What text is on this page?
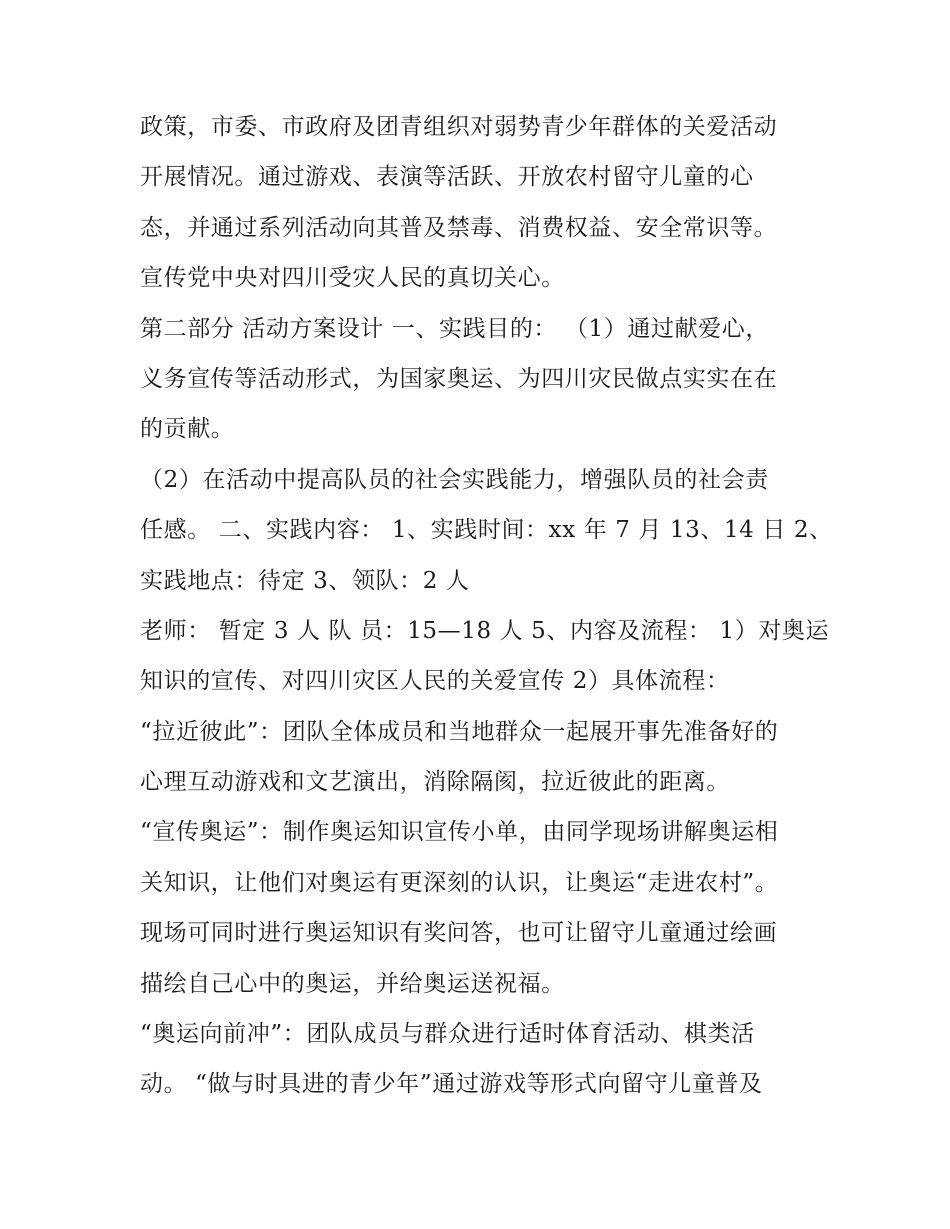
政策，市委、市政府及团青组织对弱势青少年群体的关爱活动
开展情况。通过游戏、表演等活跃、开放农村留守儿童的心
态，并通过系列活动向其普及禁毒、消费权益、安全常识等。
宣传党中央对四川受灾人民的真切关心。
第二部分 活动方案设计 一、实践目的： （1）通过献爱心，
义务宣传等活动形式，为国家奥运、为四川灾民做点实实在在
的贡献。
（2）在活动中提高队员的社会实践能力，增强队员的社会责
任感。 二、实践内容： 1、实践时间：xx 年 7 月 13、14 日 2、
实践地点：待定 3、领队：2 人
老师： 暂定 3 人 队 员：15—18 人 5、内容及流程： 1）对奥运
知识的宣传、对四川灾区人民的关爱宣传 2）具体流程：
“拉近彼此”：团队全体成员和当地群众一起展开事先准备好的
心理互动游戏和文艺演出，消除隔阂，拉近彼此的距离。
“宣传奥运”：制作奥运知识宣传小单，由同学现场讲解奥运相
关知识，让他们对奥运有更深刻的认识，让奥运“走进农村”。
现场可同时进行奥运知识有奖问答，也可让留守儿童通过绘画
描绘自己心中的奥运，并给奥运送祝福。
“奥运向前冲”：团队成员与群众进行适时体育活动、棋类活
动。 “做与时具进的青少年”通过游戏等形式向留守儿童普及
